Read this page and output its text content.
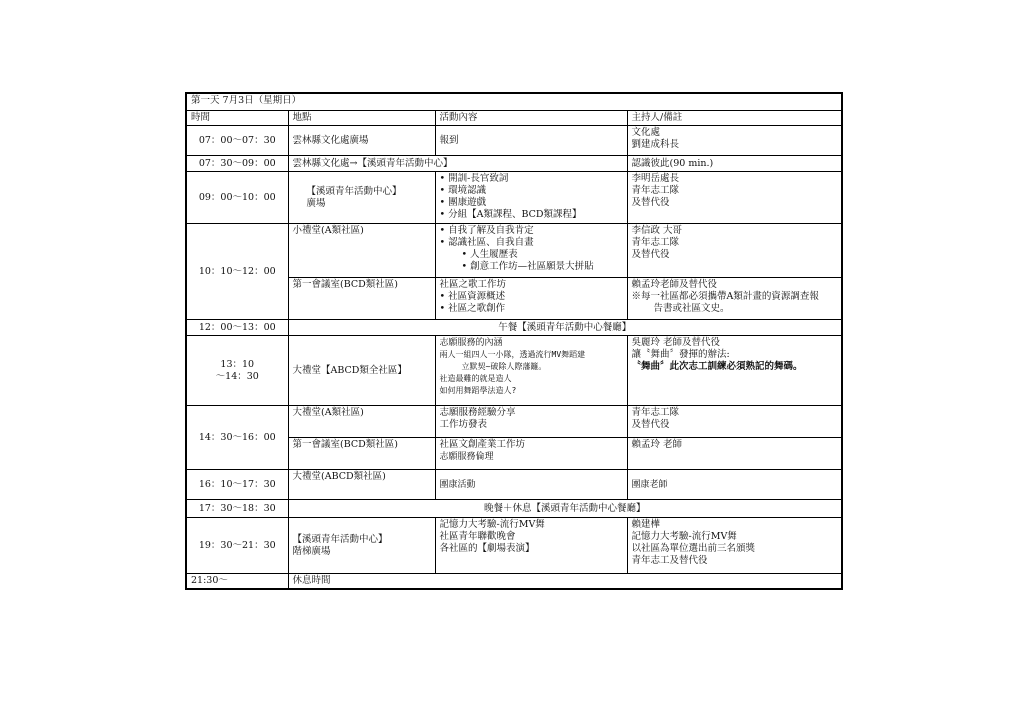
第一天 7月3日（星期日）			
時間	地點	活動內容	主持人/備註
07：00～07：30	雲林縣文化處廣場	報到	文化處
劉建成科長

07：30～09：00	雲林縣文化處→【溪頭青年活動中心】		認識彼此(90 min.)
09：00～10：00	【溪頭青年活動中心】
廣場	• 開訓-長官致詞
• 環境認識
• 團康遊戲
• 分組【A類課程、BCD類課程】	李明岳處長
青年志工隊
及替代役

10：10～12：00	小禮堂(A類社區)	• 自我了解及自我肯定
• 認識社區、自我自畫
• 人生履歷表
• 創意工作坊—社區願景大拼貼	李信政 大哥
青年志工隊
及替代役

	第一會議室(BCD類社區)	社區之歌工作坊
• 社區資源概述
• 社區之歌創作	賴孟玲老師及替代役
※每一社區都必須攜帶A類計畫的資源調查報
告書或社區文史。

12：00～13：00	午餐【溪頭青年活動中心餐廳】		

13：10
～14：30	大禮堂【ABCD類全社區】	志願服務的內涵
兩人一組四人一小隊，透過流行MV舞蹈建
立默契~破除人際藩籬。
社造最難的就是造人
如何用舞蹈學法造人?	吳麗玲 老師及替代役
讓〝舞曲〞發揮的辦法:
〝舞曲〞此次志工訓練必須熟記的舞碼。

14：30～16：00	大禮堂(A類社區)	志願服務經驗分享
工作坊發表	青年志工隊
及替代役

	第一會議室(BCD類社區)	社區文創產業工作坊
志願服務倫理	賴孟玲 老師
16：10～17：30	大禮堂(ABCD類社區)	團康活動	團康老師
17：30～18：30	晚餐＋休息【溪頭青年活動中心餐廳】		
19：30～21：30	【溪頭青年活動中心】
階梯廣場	記憶力大考驗-流行MV舞
社區青年聯歡晚會
各社區的【劇場表演】	賴建樺
記憶力大考驗-流行MV舞
以社區為單位選出前三名頒獎
青年志工及替代役

21:30～	休息時間		
